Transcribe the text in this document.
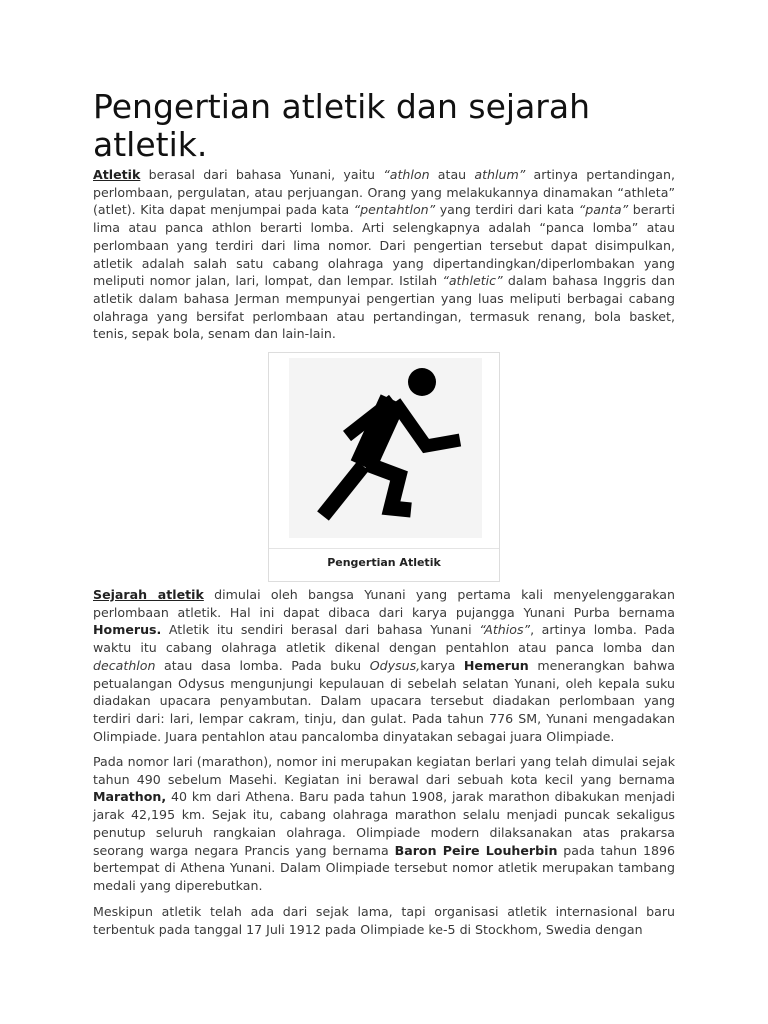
Pengertian atletik dan sejarah atletik.

Atletik berasal dari bahasa Yunani, yaitu “athlon atau athlum” artinya pertandingan, perlombaan, pergulatan, atau perjuangan. Orang yang melakukannya dinamakan “athleta” (atlet). Kita dapat menjumpai pada kata “pentahtlon” yang terdiri dari kata “panta” berarti lima atau panca athlon berarti lomba. Arti selengkapnya adalah “panca lomba” atau perlombaan yang terdiri dari lima nomor. Dari pengertian tersebut dapat disimpulkan, atletik adalah salah satu cabang olahraga yang dipertandingkan/diperlombakan yang meliputi nomor jalan, lari, lompat, dan lempar. Istilah “athletic” dalam bahasa Inggris dan atletik dalam bahasa Jerman mempunyai pengertian yang luas meliputi berbagai cabang olahraga yang bersifat perlombaan atau pertandingan, termasuk renang, bola basket, tenis, sepak bola, senam dan lain-lain.

Pengertian Atletik

Sejarah atletik dimulai oleh bangsa Yunani yang pertama kali menyelenggarakan perlombaan atletik. Hal ini dapat dibaca dari karya pujangga Yunani Purba bernama Homerus. Atletik itu sendiri berasal dari bahasa Yunani “Athios”, artinya lomba. Pada waktu itu cabang olahraga atletik dikenal dengan pentahlon atau panca lomba dan decathlon atau dasa lomba. Pada buku Odysus,karya Hemerun menerangkan bahwa petualangan Odysus mengunjungi kepulauan di sebelah selatan Yunani, oleh kepala suku diadakan upacara penyambutan. Dalam upacara tersebut diadakan perlombaan yang terdiri dari: lari, lempar cakram, tinju, dan gulat. Pada tahun 776 SM, Yunani mengadakan Olimpiade. Juara pentahlon atau pancalomba dinyatakan sebagai juara Olimpiade.

Pada nomor lari (marathon), nomor ini merupakan kegiatan berlari yang telah dimulai sejak tahun 490 sebelum Masehi. Kegiatan ini berawal dari sebuah kota kecil yang bernama Marathon, 40 km dari Athena. Baru pada tahun 1908, jarak marathon dibakukan menjadi jarak 42,195 km. Sejak itu, cabang olahraga marathon selalu menjadi puncak sekaligus penutup seluruh rangkaian olahraga. Olimpiade modern dilaksanakan atas prakarsa seorang warga negara Prancis yang bernama Baron Peire Louherbin pada tahun 1896 bertempat di Athena Yunani. Dalam Olimpiade tersebut nomor atletik merupakan tambang medali yang diperebutkan.

Meskipun atletik telah ada dari sejak lama, tapi organisasi atletik internasional baru terbentuk pada tanggal 17 Juli 1912 pada Olimpiade ke-5 di Stockhom, Swedia dengan
